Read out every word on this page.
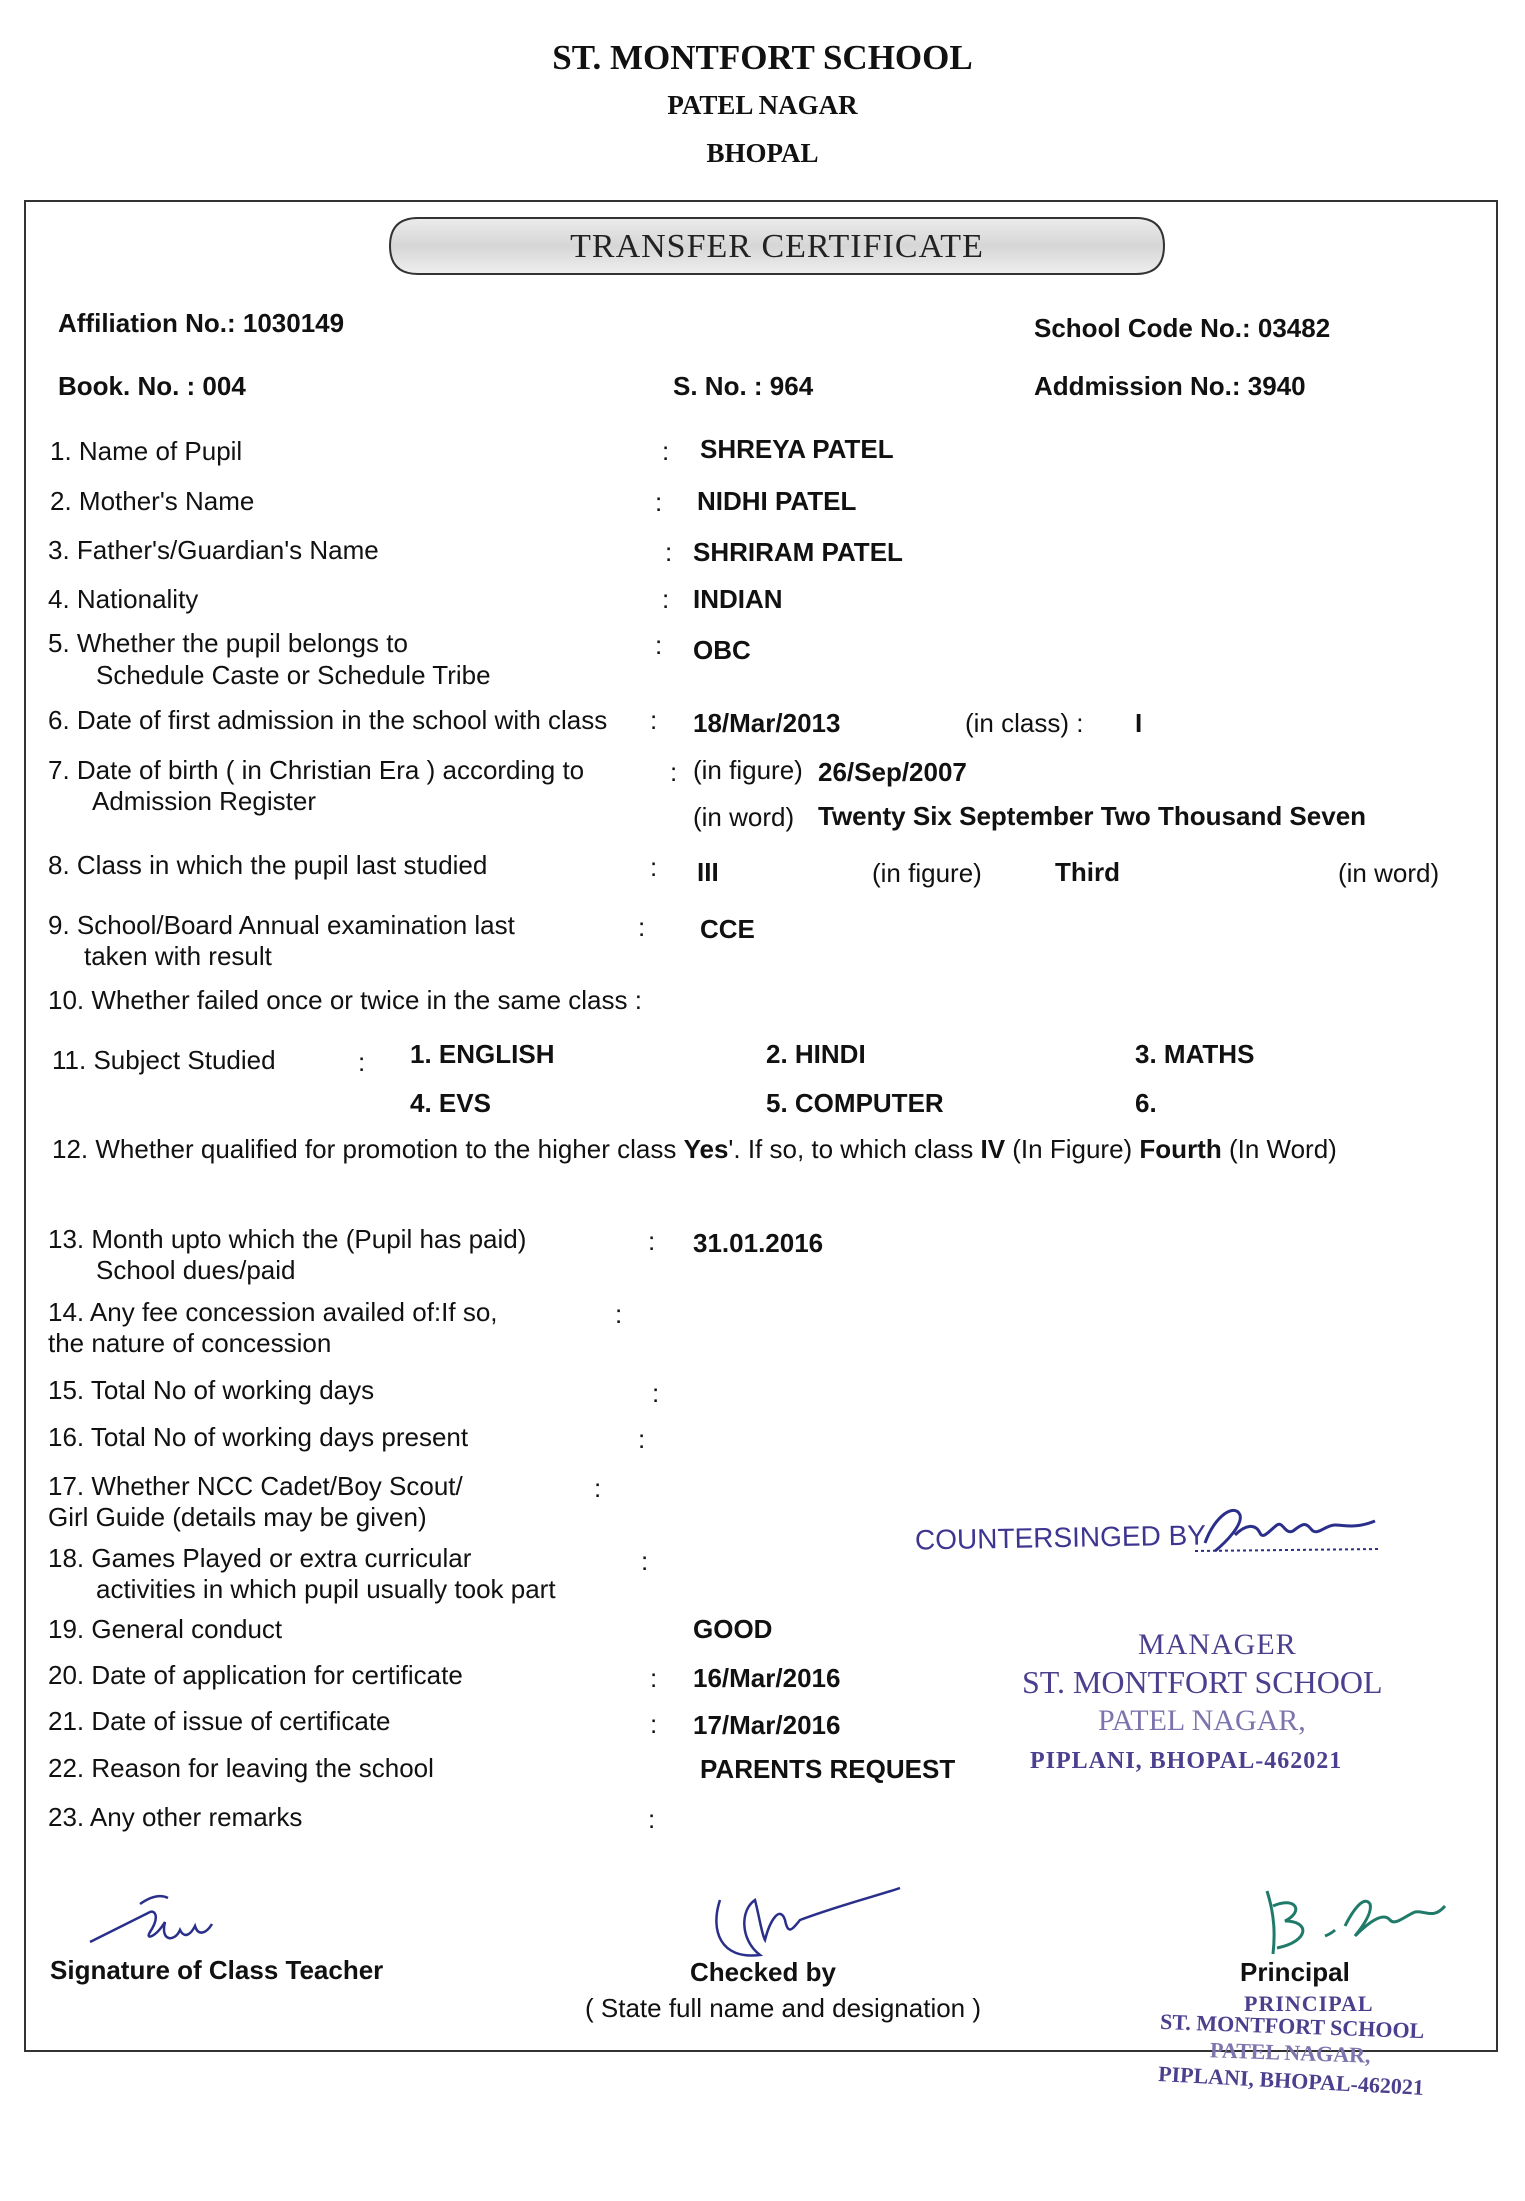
ST. MONTFORT SCHOOL
PATEL NAGAR
BHOPAL
TRANSFER CERTIFICATE
Affiliation No.: 1030149	School Code No.: 03482
Book. No. : 004	S. No. : 964	Addmission No.: 3940
1. Name of Pupil	: SHREYA PATEL
2. Mother's Name	: NIDHI PATEL
3. Father's/Guardian's Name	: SHRIRAM PATEL
4. Nationality	: INDIAN
5. Whether the pupil belongs to
Schedule Caste or Schedule Tribe
: OBC
6. Date of first admission in the school with class : 18/Mar/2013	(in class) : I
7. Date of birth ( in Christian Era ) according to
Admission Register
: (in figure) 26/Sep/2007
(in word) Twenty Six September Two Thousand Seven
8. Class in which the pupil last studied	: III	(in figure)	Third	(in word)
9. School/Board Annual examination last
taken with result
: CCE
10. Whether failed once or twice in the same class :
11. Subject Studied	: 1. ENGLISH	2. HINDI	3. MATHS
4. EVS	5. COMPUTER	6.
12. Whether qualified for promotion to the higher class Yes'. If so, to which class IV (In Figure) Fourth (In Word)
13. Month upto which the (Pupil has paid)
School dues/paid
: 31.01.2016
14. Any fee concession availed of:If so,
the nature of concession
:
15. Total No of working days	:
16. Total No of working days present	:
17. Whether NCC Cadet/Boy Scout/
Girl Guide (details may be given)
:
18. Games Played or extra curricular
activities in which pupil usually took part
:
19. General conduct	GOOD
20. Date of application for certificate	: 16/Mar/2016
21. Date of issue of certificate	: 17/Mar/2016
22. Reason for leaving the school	PARENTS REQUEST
23. Any other remarks	:
COUNTERSINGED BY
MANAGER
ST. MONTFORT SCHOOL
PATEL NAGAR,
PIPLANI, BHOPAL-462021
Signature of Class Teacher	Checked by
( State full name and designation )
Principal
PRINCIPAL
ST. MONTFORT SCHOOL
PATEL NAGAR,
PIPLANI, BHOPAL-462021
